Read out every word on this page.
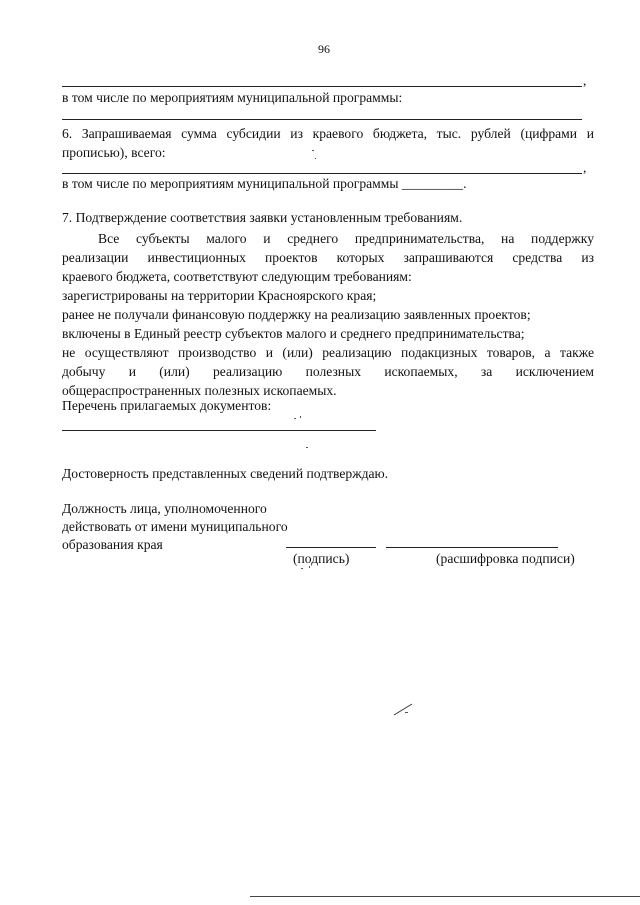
96
,
в том числе по мероприятиям муниципальной программы:
6. Запрашиваемая сумма субсидии из краевого бюджета, тыс. рублей (цифрами и
прописью), всего:
,
в том числе по мероприятиям муниципальной программы _________.
7. Подтверждение соответствия заявки установленным требованиям.
Все субъекты малого и среднего предпринимательства, на поддержку
реализации инвестиционных проектов которых запрашиваются средства из
краевого бюджета, соответствуют следующим требованиям:
зарегистрированы на территории Красноярского края;
ранее не получали финансовую поддержку на реализацию заявленных проектов;
включены в Единый реестр субъектов малого и среднего предпринимательства;
не осуществляют производство и (или) реализацию подакцизных товаров, а также
добычу и (или) реализацию полезных ископаемых, за исключением
общераспространенных полезных ископаемых.
Перечень прилагаемых документов:
Достоверность представленных сведений подтверждаю.
Должность лица, уполномоченного
действовать от имени муниципального
образования края
(подпись)	(расшифровка подписи)
